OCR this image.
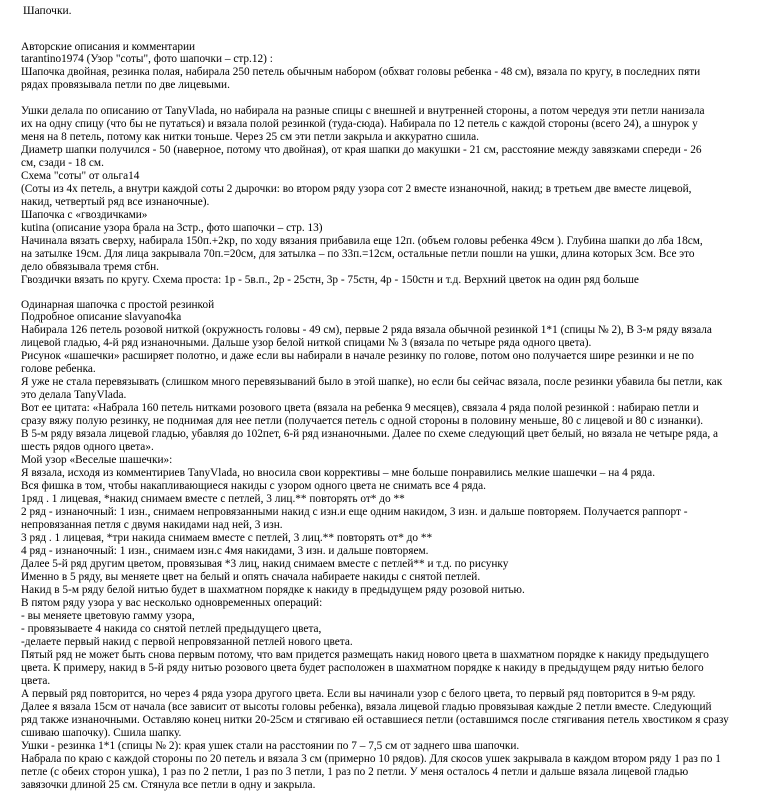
Шапочки.
Авторские описания и комментарии
tarantino1974 (Узор "соты", фото шапочки – стр.12) :
Шапочка двойная, резинка полая, набирала 250 петель обычным набором (обхват головы ребенка - 48 см), вязала по кругу, в последних пяти
рядах провязывала петли по две лицевыми.
Ушки делала по описанию от TanyVlada, но набирала на разные спицы с внешней и внутренней стороны, а потом чередуя эти петли нанизала
их на одну спицу (что бы не путаться) и вязала полой резинкой (туда-сюда). Набирала по 12 петель с каждой стороны (всего 24), а шнурок у
меня на 8 петель, потому как нитки тоньше. Через 25 см эти петли закрыла и аккуратно сшила.
Диаметр шапки получился - 50 (наверное, потому что двойная), от края шапки до макушки - 21 см, расстояние между завязками спереди - 26
см, сзади - 18 см.
Схема "соты" от ольга14
(Соты из 4х петель, а внутри каждой соты 2 дырочки: во втором ряду узора сот 2 вместе изнаночной, накид; в третьем две вместе лицевой,
накид, четвертый ряд все изнаночные).
Шапочка с «гвоздичками»
kutina (описание узора брала на 3стр., фото шапочки – стр. 13)
Начинала вязать сверху, набирала 150п.+2кр, по ходу вязания прибавила еще 12п. (объем головы ребенка 49см ). Глубина шапки до лба 18см,
на затылке 19см. Для лица закрывала 70п.=20см, для затылка – по 33п.=12см, остальные петли пошли на ушки, длина которых 3см. Все это
дело обвязывала тремя стбн.
Гвоздички вязать по кругу. Схема проста: 1р - 5в.п., 2р - 25стн, 3р - 75стн, 4р - 150стн и т.д. Верхний цветок на один ряд больше
Одинарная шапочка с простой резинкой
Подробное описание slavyano4ka
Набирала 126 петель розовой ниткой (окружность головы - 49 см), первые 2 ряда вязала обычной резинкой 1*1 (спицы № 2), В 3-м ряду вязала
лицевой гладью, 4-й ряд изнаночными. Дальше узор белой ниткой спицами № 3 (вязала по четыре ряда одного цвета).
Рисунок «шашечки» расширяет полотно, и даже если вы набирали в начале резинку по голове, потом оно получается шире резинки и не по
голове ребенка.
Я уже не стала перевязывать (слишком много перевязываний было в этой шапке), но если бы сейчас вязала, после резинки убавила бы петли, как
это делала TanyVlada.
Вот ее цитата: «Набрала 160 петель нитками розового цвета (вязала на ребенка 9 месяцев), связала 4 ряда полой резинкой : набираю петли и
сразу вяжу полую резинку, не поднимая для нее петли (получается петель с одной стороны в половину меньше, 80 с лицевой и 80 с изнанки).
В 5-м ряду вязала лицевой гладью, убавляя до 102пет, 6-й ряд изнаночными. Далее по схеме следующий цвет белый, но вязала не четыре ряда, а
шесть рядов одного цвета».
Мой узор «Веселые шашечки»:
Я вязала, исходя из комментириев TanyVlada, но вносила свои коррективы – мне больше понравились мелкие шашечки – на 4 ряда.
Вся фишка в том, чтобы накапливающиеся накиды с узором одного цвета не снимать все 4 ряда.
1ряд . 1 лицевая, *накид снимаем вместе с петлей, 3 лиц.** повторять от* до **
2 ряд - изнаночный: 1 изн., снимаем непровязанными накид с изн.и еще одним накидом, 3 изн. и дальше повторяем. Получается раппорт -
непровязанная петля с двумя накидами над ней, 3 изн.
3 ряд . 1 лицевая, *три накида снимаем вместе с петлей, 3 лиц.** повторять от* до **
4 ряд - изнаночный: 1 изн., снимаем изн.с 4мя накидами, 3 изн. и дальше повторяем.
Далее 5-й ряд другим цветом, провязывая *3 лиц, накид снимаем вместе с петлей** и т.д. по рисунку
Именно в 5 ряду, вы меняете цвет на белый и опять сначала набираете накиды с снятой петлей.
Накид в 5-м ряду белой нитью будет в шахматном порядке к накиду в предыдущем ряду розовой нитью.
В пятом ряду узора у вас несколько одновременных операций:
- вы меняете цветовую гамму узора,
- провязываете 4 накида со снятой петлей предыдущего цвета,
-делаете первый накид с первой непровязанной петлей нового цвета.
Пятый ряд не может быть снова первым потому, что вам придется размещать накид нового цвета в шахматном порядке к накиду предыдущего
цвета. К примеру, накид в 5-й ряду нитью розового цвета будет расположен в шахматном порядке к накиду в предыдущем ряду нитью белого
цвета.
А первый ряд повторится, но через 4 ряда узора другого цвета. Если вы начинали узор с белого цвета, то первый ряд повторится в 9-м ряду.
Далее я вязала 15см от начала (все зависит от высоты головы ребенка), вязала лицевой гладью провязывая каждые 2 петли вместе. Следующий
ряд также изнаночными. Оставляю конец нитки 20-25см и стягиваю ей оставшиеся петли (оставшимся после стягивания петель хвостиком я сразу
сшиваю шапочку). Сшила шапку.
Ушки - резинка 1*1 (спицы № 2): края ушек стали на расстоянии по 7 – 7,5 см от заднего шва шапочки.
Набрала по краю с каждой стороны по 20 петель и вязала 3 см (примерно 10 рядов). Для скосов ушек закрывала в каждом втором ряду 1 раз по 1
петле (с обеих сторон ушка), 1 раз по 2 петли, 1 раз по 3 петли, 1 раз по 2 петли. У меня осталось 4 петли и дальше вязала лицевой гладью
завязочки длиной 25 см. Стянула все петли в одну и закрыла.
